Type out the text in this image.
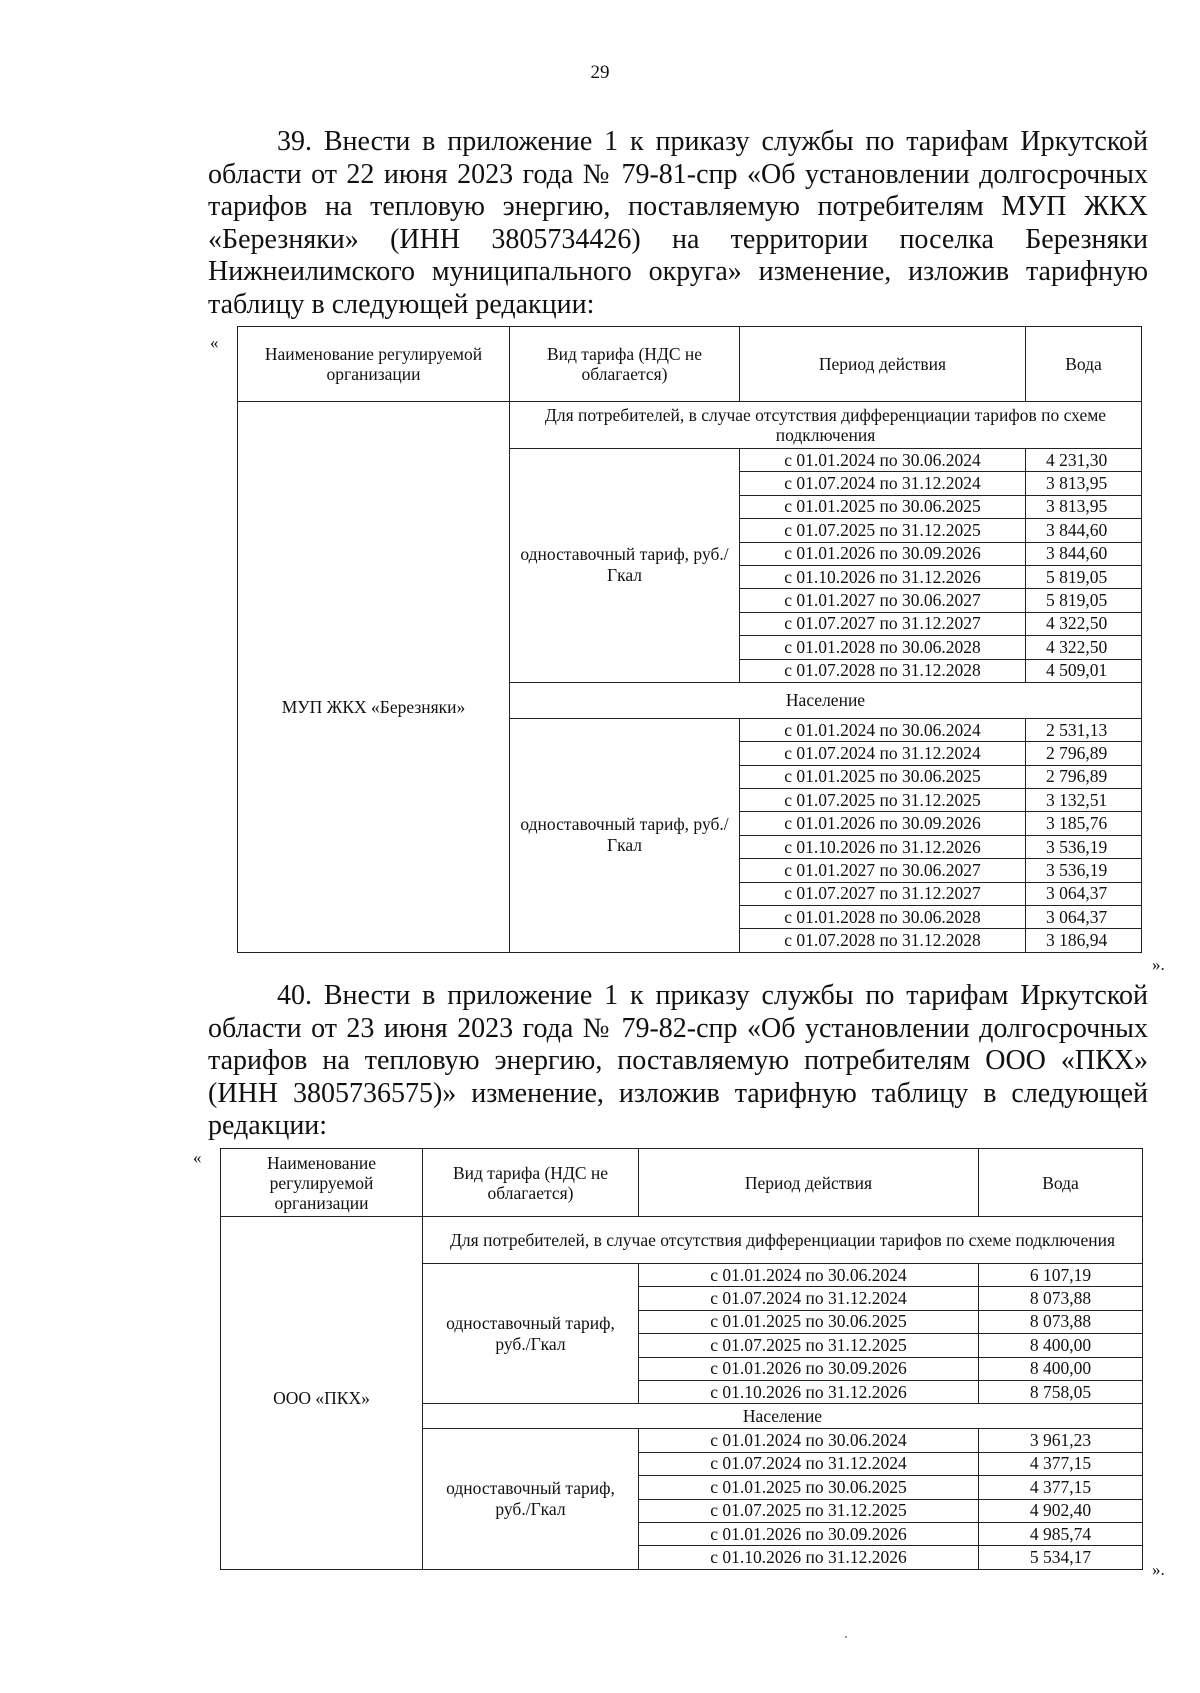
29

39. Внести в приложение 1 к приказу службы по тарифам Иркутской области от 22 июня 2023 года № 79-81-спр «Об установлении долгосрочных тарифов на тепловую энергию, поставляемую потребителям МУП ЖКХ «Березняки» (ИНН 3805734426) на территории поселка Березняки Нижнеилимского муниципального округа» изменение, изложив тарифную таблицу в следующей редакции:

«
Наименование регулируемой организации	Вид тарифа (НДС не облагается)	Период действия	Вода
МУП ЖКХ «Березняки»	Для потребителей, в случае отсутствия дифференциации тарифов по схеме подключения		
	одноставочный тариф, руб./Гкал	с 01.01.2024 по 30.06.2024	4 231,30
		с 01.07.2024 по 31.12.2024	3 813,95
		с 01.01.2025 по 30.06.2025	3 813,95
		с 01.07.2025 по 31.12.2025	3 844,60
		с 01.01.2026 по 30.09.2026	3 844,60
		с 01.10.2026 по 31.12.2026	5 819,05
		с 01.01.2027 по 30.06.2027	5 819,05
		с 01.07.2027 по 31.12.2027	4 322,50
		с 01.01.2028 по 30.06.2028	4 322,50
		с 01.07.2028 по 31.12.2028	4 509,01
	Население		
	одноставочный тариф, руб./Гкал	с 01.01.2024 по 30.06.2024	2 531,13
		с 01.07.2024 по 31.12.2024	2 796,89
		с 01.01.2025 по 30.06.2025	2 796,89
		с 01.07.2025 по 31.12.2025	3 132,51
		с 01.01.2026 по 30.09.2026	3 185,76
		с 01.10.2026 по 31.12.2026	3 536,19
		с 01.01.2027 по 30.06.2027	3 536,19
		с 01.07.2027 по 31.12.2027	3 064,37
		с 01.01.2028 по 30.06.2028	3 064,37
		с 01.07.2028 по 31.12.2028	3 186,94
».

40. Внести в приложение 1 к приказу службы по тарифам Иркутской области от 23 июня 2023 года № 79-82-спр «Об установлении долгосрочных тарифов на тепловую энергию, поставляемую потребителям ООО «ПКХ» (ИНН 3805736575)» изменение, изложив тарифную таблицу в следующей редакции:

«	Наименование регулируемой организации	Вид тарифа (НДС не облагается)	Период действия	Вода
ООО «ПКХ»	Для потребителей, в случае отсутствия дифференциации тарифов по схеме подключения		
	одноставочный тариф, руб./Гкал	с 01.01.2024 по 30.06.2024	6 107,19
		с 01.07.2024 по 31.12.2024	8 073,88
		с 01.01.2025 по 30.06.2025	8 073,88
		с 01.07.2025 по 31.12.2025	8 400,00
		с 01.01.2026 по 30.09.2026	8 400,00
		с 01.10.2026 по 31.12.2026	8 758,05
	Население		
	одноставочный тариф, руб./Гкал	с 01.01.2024 по 30.06.2024	3 961,23
		с 01.07.2024 по 31.12.2024	4 377,15
		с 01.01.2025 по 30.06.2025	4 377,15
		с 01.07.2025 по 31.12.2025	4 902,40
		с 01.01.2026 по 30.09.2026	4 985,74
		с 01.10.2026 по 31.12.2026	5 534,17
».
